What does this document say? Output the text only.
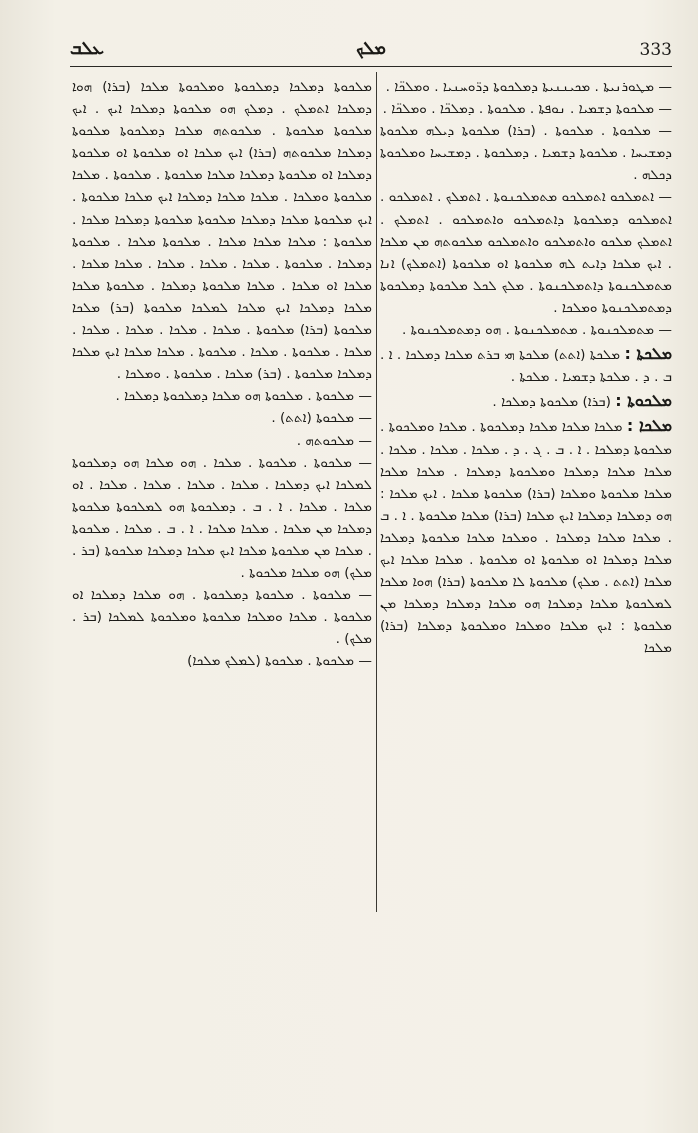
ܥܠܒ	ܡܠܟ	333

ܡܠܟܘܬܐ ܕܡܠܟܐ ܕܡܠܟܘܬܐ ܘܡܠܟܘܬܐ ܡܠܟܐ (ܒܪܐ) ܗܘܐ ܕܡܠܟܐ ܐܬܡܠܟ . ܕܡܠܟ ܗܘ ܡܠܟܘܬܐ ܕܡܠܟܐ ܐܝܟ . ܐܝܟ ܡܠܟܘܬܐ ܡܠܟܘܬܐ . ܡܠܟܘܬܗ ܡܠܟܐ ܕܡܠܟܘܬܐ ܡܠܟܘܬܐ ܕܡܠܟܐ ܡܠܟܘܬܗ (ܒܪܐ) ܐܝܟ ܡܠܟܐ ܐܘ ܡܠܟܘܬܐ ܐܘ ܡܠܟܘܬܐ ܕܡܠܟܐ ܐܘ ܡܠܟܘܬܐ ܕܡܠܟܐ ܡܠܟܐ ܡܠܟܘܬܐ . ܡܠܟܘܬܐ . ܡܠܟܐ ܡܠܟܘܬܐ ܘܡܠܟܐ . ܡܠܟܐ ܡܠܟܐ ܕܡܠܟܐ ܐܝܟ ܡܠܟܐ ܡܠܟܘܬܐ . ܐܝܟ ܡܠܟܘܬܐ ܡܠܟܐ ܕܡܠܟܐ ܡܠܟܘܬܐ ܡܠܟܘܬܐ ܕܡܠܟܐ ܡܠܟܐ . ܡܠܟܘܬܐ : ܡܠܟܐ ܡܠܟܐ ܡܠܟܐ . ܡܠܟܘܬܐ ܡܠܟܐ . ܡܠܟܘܬܐ ܕܡܠܟܐ . ܡܠܟܘܬܐ . ܡܠܟܐ . ܡܠܟܐ . ܡܠܟܐ . ܡܠܟܐ ܡܠܟܐ . ܡܠܟܐ ܐܘ ܡܠܟܐ . ܡܠܟܐ ܡܠܟܘܬܐ ܕܡܠܟܐ . ܡܠܟܘܬܐ ܡܠܟܐ ܡܠܟܐ ܕܡܠܟܐ ܐܝܟ ܡܠܟܐ ܠܡܠܟܐ ܡܠܟܘܬܐ (ܒܪ) ܡܠܟܐ ܡܠܟܘܬܐ (ܒܪܐ) ܡܠܟܘܬܐ . ܡܠܟܐ . ܡܠܟܐ . ܡܠܟܐ . ܡܠܟܐ . ܡܠܟܐ . ܡܠܟܘܬܐ . ܡܠܟܐ . ܡܠܟܘܬܐ . ܡܠܟܐ ܡܠܟܐ ܐܝܟ ܡܠܟܐ ܕܡܠܟܐ ܡܠܟܘܬܐ . (ܒܪ) ܡܠܟܐ . ܡܠܟܘܬܐ . ܘܡܠܟܐ .

— ܡܠܟܘܬܐ . ܡܠܟܘܬܐ ܗܘ ܡܠܟܐ ܕܡܠܟܘܬܐ ܕܡܠܟܐ .

— ܡܠܟܘܬܐ (ܐܬܬ) .

— ܡܠܟܘܬܗ .

— ܡܠܟܘܬܐ . ܡܠܟܘܬܐ . ܡܠܟܐ . ܗܘ ܡܠܟܐ ܗܘ ܕܡܠܟܘܬܐ ܠܡܠܟܐ ܐܝܟ ܕܡܠܟܐ . ܡܠܟܐ . ܡܠܟܐ . ܡܠܟܐ . ܡܠܟܐ . ܐܘ ܡܠܟܐ . ܡܠܟܐ . ܐ . ܒ . ܕܡܠܟܘܬܐ ܗܘ ܠܡܠܟܘܬܐ ܡܠܟܘܬܐ ܕܡܠܟܐ ܡܢ ܡܠܟܐ . ܡܠܟܐ ܡܠܟܐ . ܐ . ܒ . ܡܠܟܐ . ܡܠܟܘܬܐ . ܡܠܟܐ ܡܢ ܡܠܟܘܬܐ ܡܠܟܐ ܐܝܟ ܡܠܟܐ ܕܡܠܟܐ ܡܠܟܘܬܐ (ܒܪ . ܡܠܟ) ܗܘ ܡܠܟܐ ܡܠܟܘܬܐ .

— ܡܠܟܘܬܐ . ܡܠܟܘܬܐ ܕܡܠܟܘܬܐ . ܗܘ ܡܠܟܐ ܕܡܠܟܐ ܐܘ ܡܠܟܘܬܐ . ܡܠܟܐ ܘܡܠܟܐ ܡܠܟܘܬܐ ܘܡܠܟܘܬܐ ܠܡܠܟܐ (ܒܪ . ܡܠܟ) .

— ܡܠܟܘܬܐ . ܡܠܟܘܬܐ (ܠܡܠܟ ܡܠܟܐ)

— ܡܛܘܪܢܝܬܐ . ܡܟܝܢܢܝܬܐ ܕܡܠܟܘܬܐ ܕܪ̈ܘܚܢܝܐ . ܘܡܠܟ̈ܐ .

— ܡܠܟܘܬܐ ܕܫܡܝܐ . ܢܘܦܬܐ . ܡܠܟܘܬܐ . ܕܡܠܟ̈ܐ . ܘܡܠܟ̈ܐ .

— ܡܠܟܘܬܐ . ܡܠܟܘܬܐ . (ܒܪܐ) ܡܠܟܘܬܐ ܕܝܠܗ ܡܠܟܘܬܐ ܕܡܫܝܚܐ . ܡܠܟܘܬܐ ܕܫܡܝܐ . ܕܡܠܟܘܬܐ . ܕܡܫܝܚܐ ܘܡܠܟܘܬܐ ܕܟܠܗ .

— ܐܬܡܠܟܘ ܐܬܡܠܟܘ ܡܬܡܠܟܢܘܬܐ . ܐܬܡܠܟ . ܐܬܡܠܟܘ . ܐܬܡܠܟܘ ܕܡܠܟܘܬܐ ܕܐܬܡܠܟܘ ܘܐܬܡܠܟܘ . ܐܬܡܠܟ . ܐܬܡܠܟ ܡܠܟܘ ܘܐܬܡܠܟܘ ܘܐܬܡܠܟܘ ܡܠܟܘܬܗ ܡܢ ܡܠܟܐ . ܐܝܟ ܡܠܟܐ ܕܐܝܬ ܠܗ ܡܠܟܘܬܐ ܐܘ ܡܠܟܘܬܐ (ܐܬܡܠܟ) ܐܢܐ ܡܬܡܠܟܢܘܬܐ ܕܐܬܡܠܟܢܘܬܐ . ܡܠܟ ܠܟܠ ܡܠܟܘܬܐ ܕܡܠܟܘܬܐ ܕܡܬܡܠܟܢܘܬܐ ܘܡܠܟܐ .

— ܡܬܡܠܟܢܘܬܐ . ܡܬܡܠܟܢܘܬܐ . ܗܘ ܕܡܬܡܠܟܢܘܬܐ .

ܡܠܟܬܐ : ܡܠܟܬܐ (ܐܬܬ) ܡܠܟܬܐ ܗܝ ܒܪܬ ܡܠܟܐ ܕܡܠܟܐ . ܐ . ܒ . ܕ . ܡܠܟܬܐ ܕܫܡܝܐ . ܡܠܟܬܐ .

ܡܠܟܘܬܐ : (ܒܪܐ) ܡܠܟܘܬܐ ܕܡܠܟܐ .

ܡܠܟܐ : ܡܠܟܐ ܡܠܟܐ ܡܠܟܐ ܕܡܠܟܘܬܐ . ܡܠܟܐ ܘܡܠܟܘܬܐ . ܡܠܟܘܬܐ ܕܡܠܟܐ . ܐ . ܒ . ܓ . ܕ . ܡܠܟܐ . ܡܠܟܐ . ܡܠܟܐ . ܡܠܟܐ ܡܠܟܐ ܕܡܠܟܐ ܘܡܠܟܘܬܐ ܕܡܠܟܐ . ܡܠܟܐ ܡܠܟܐ ܡܠܟܐ ܡܠܟܘܬܐ ܘܡܠܟܐ (ܒܪܐ) ܡܠܟܘܬܐ ܡܠܟܐ . ܐܝܟ ܡܠܟܐ : ܗܘ ܕܡܠܟܐ ܕܡܠܟܐ ܐܝܟ ܡܠܟܐ (ܒܪܐ) ܡܠܟܐ ܡܠܟܘܬܐ . ܐ . ܒ . ܡܠܟܐ ܡܠܟܐ ܕܡܠܟܐ . ܘܡܠܟܐ ܡܠܟܐ ܡܠܟܘܬܐ ܕܡܠܟܐ ܡܠܟܐ ܕܡܠܟܐ ܐܘ ܡܠܟܘܬܐ ܐܘ ܡܠܟܘܬܐ . ܡܠܟܐ ܡܠܟܐ ܐܝܟ ܡܠܟܐ (ܐܬܬ . ܡܠܟ) ܡܠܟܘܬܐ ܠܐ ܡܠܟܘܬܐ (ܒܪܐ) ܗܘܐ ܡܠܟܐ ܠܡܠܟܘܬܐ ܡܠܟܐ ܕܡܠܟܐ ܗܘ ܡܠܟܐ ܕܡܠܟܐ ܕܡܠܟܐ ܡܢ ܡܠܟܘܬܐ : ܐܝܟ ܡܠܟܐ ܘܡܠܟܐ ܘܡܠܟܘܬܐ ܕܡܠܟܐ (ܒܪܐ) ܡܠܟܐ
